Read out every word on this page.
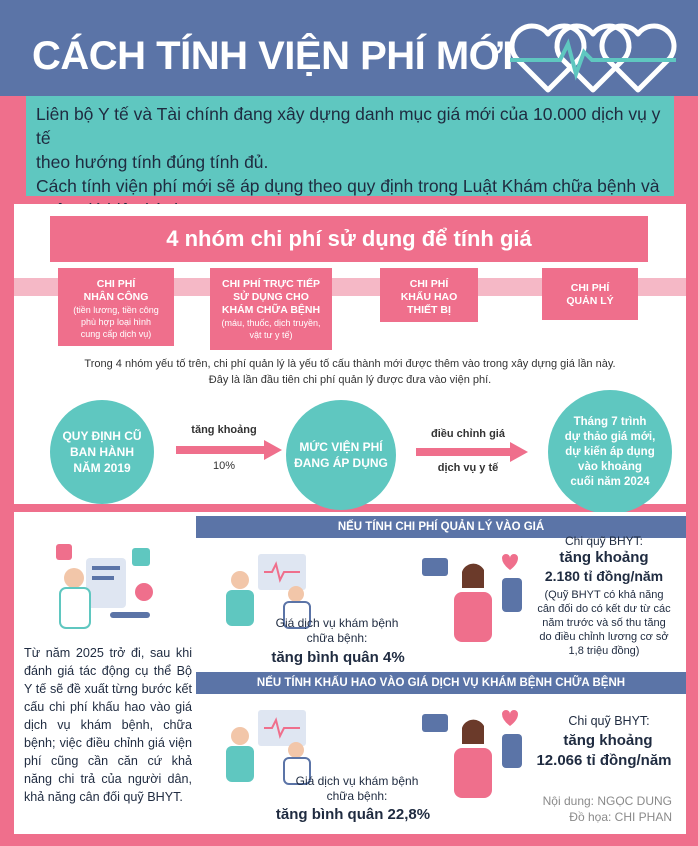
CÁCH TÍNH VIỆN PHÍ MỚI

Liên bộ Y tế và Tài chính đang xây dựng danh mục giá mới của 10.000 dịch vụ y tế

theo hướng tính đúng tính đủ.

Cách tính viện phí mới sẽ áp dụng theo quy định trong Luật Khám chữa bệnh và

4 nhóm chi phí sử dụng để tính giá
CHI PHÍ
NHÂN CÔNG
(tiền lương, tiền công
phù hợp loại hình
cung cấp dịch vụ)
CHI PHÍ TRỰC TIẾP
SỬ DỤNG CHO
KHÁM CHỮA BỆNH
(máu, thuốc, dịch truyền,
vật tư y tế)
CHI PHÍ
KHẤU HAO
THIẾT BỊ
CHI PHÍ
QUẢN LÝ
Trong 4 nhóm yếu tố trên, chi phí quản lý là yếu tố cấu thành mới được thêm vào trong xây dựng giá lần này.
Đây là lần đầu tiên chi phí quản lý được đưa vào viện phí.
QUY ĐỊNH CŨ
BAN HÀNH
NĂM 2019
tăng khoảng
10%
MỨC VIỆN PHÍ
ĐANG ÁP DỤNG
điều chỉnh giá
dịch vụ y tế
Tháng 7 trình
dự thảo giá mới,
dự kiến áp dụng
vào khoảng
cuối năm 2024
Từ năm 2025 trở đi, sau khi đánh giá tác động cụ thể Bộ Y tế sẽ đề xuất từng bước kết cấu chi phí khấu hao vào giá dịch vụ khám bệnh, chữa bệnh; việc điều chỉnh giá viện phí cũng cần căn cứ khả năng chi trả của người dân, khả năng cân đối quỹ BHYT.
NẾU TÍNH CHI PHÍ QUẢN LÝ VÀO GIÁ
Giá dịch vụ khám bệnh
chữa bệnh:
tăng bình quân 4%
Chi quỹ BHYT:
tăng khoảng
2.180 tỉ đồng/năm
(Quỹ BHYT có khả năng
cân đối do có kết dư từ các
năm trước và số thu tăng
do điều chỉnh lương cơ sở
1,8 triệu đồng)
NẾU TÍNH KHẤU HAO VÀO GIÁ DỊCH VỤ KHÁM BỆNH CHỮA BỆNH
Giá dịch vụ khám bệnh
chữa bệnh:
tăng bình quân 22,8%
Chi quỹ BHYT:
tăng khoảng
12.066 tỉ đồng/năm
Nội dung: NGỌC DUNG
Đồ họa: CHI PHAN
